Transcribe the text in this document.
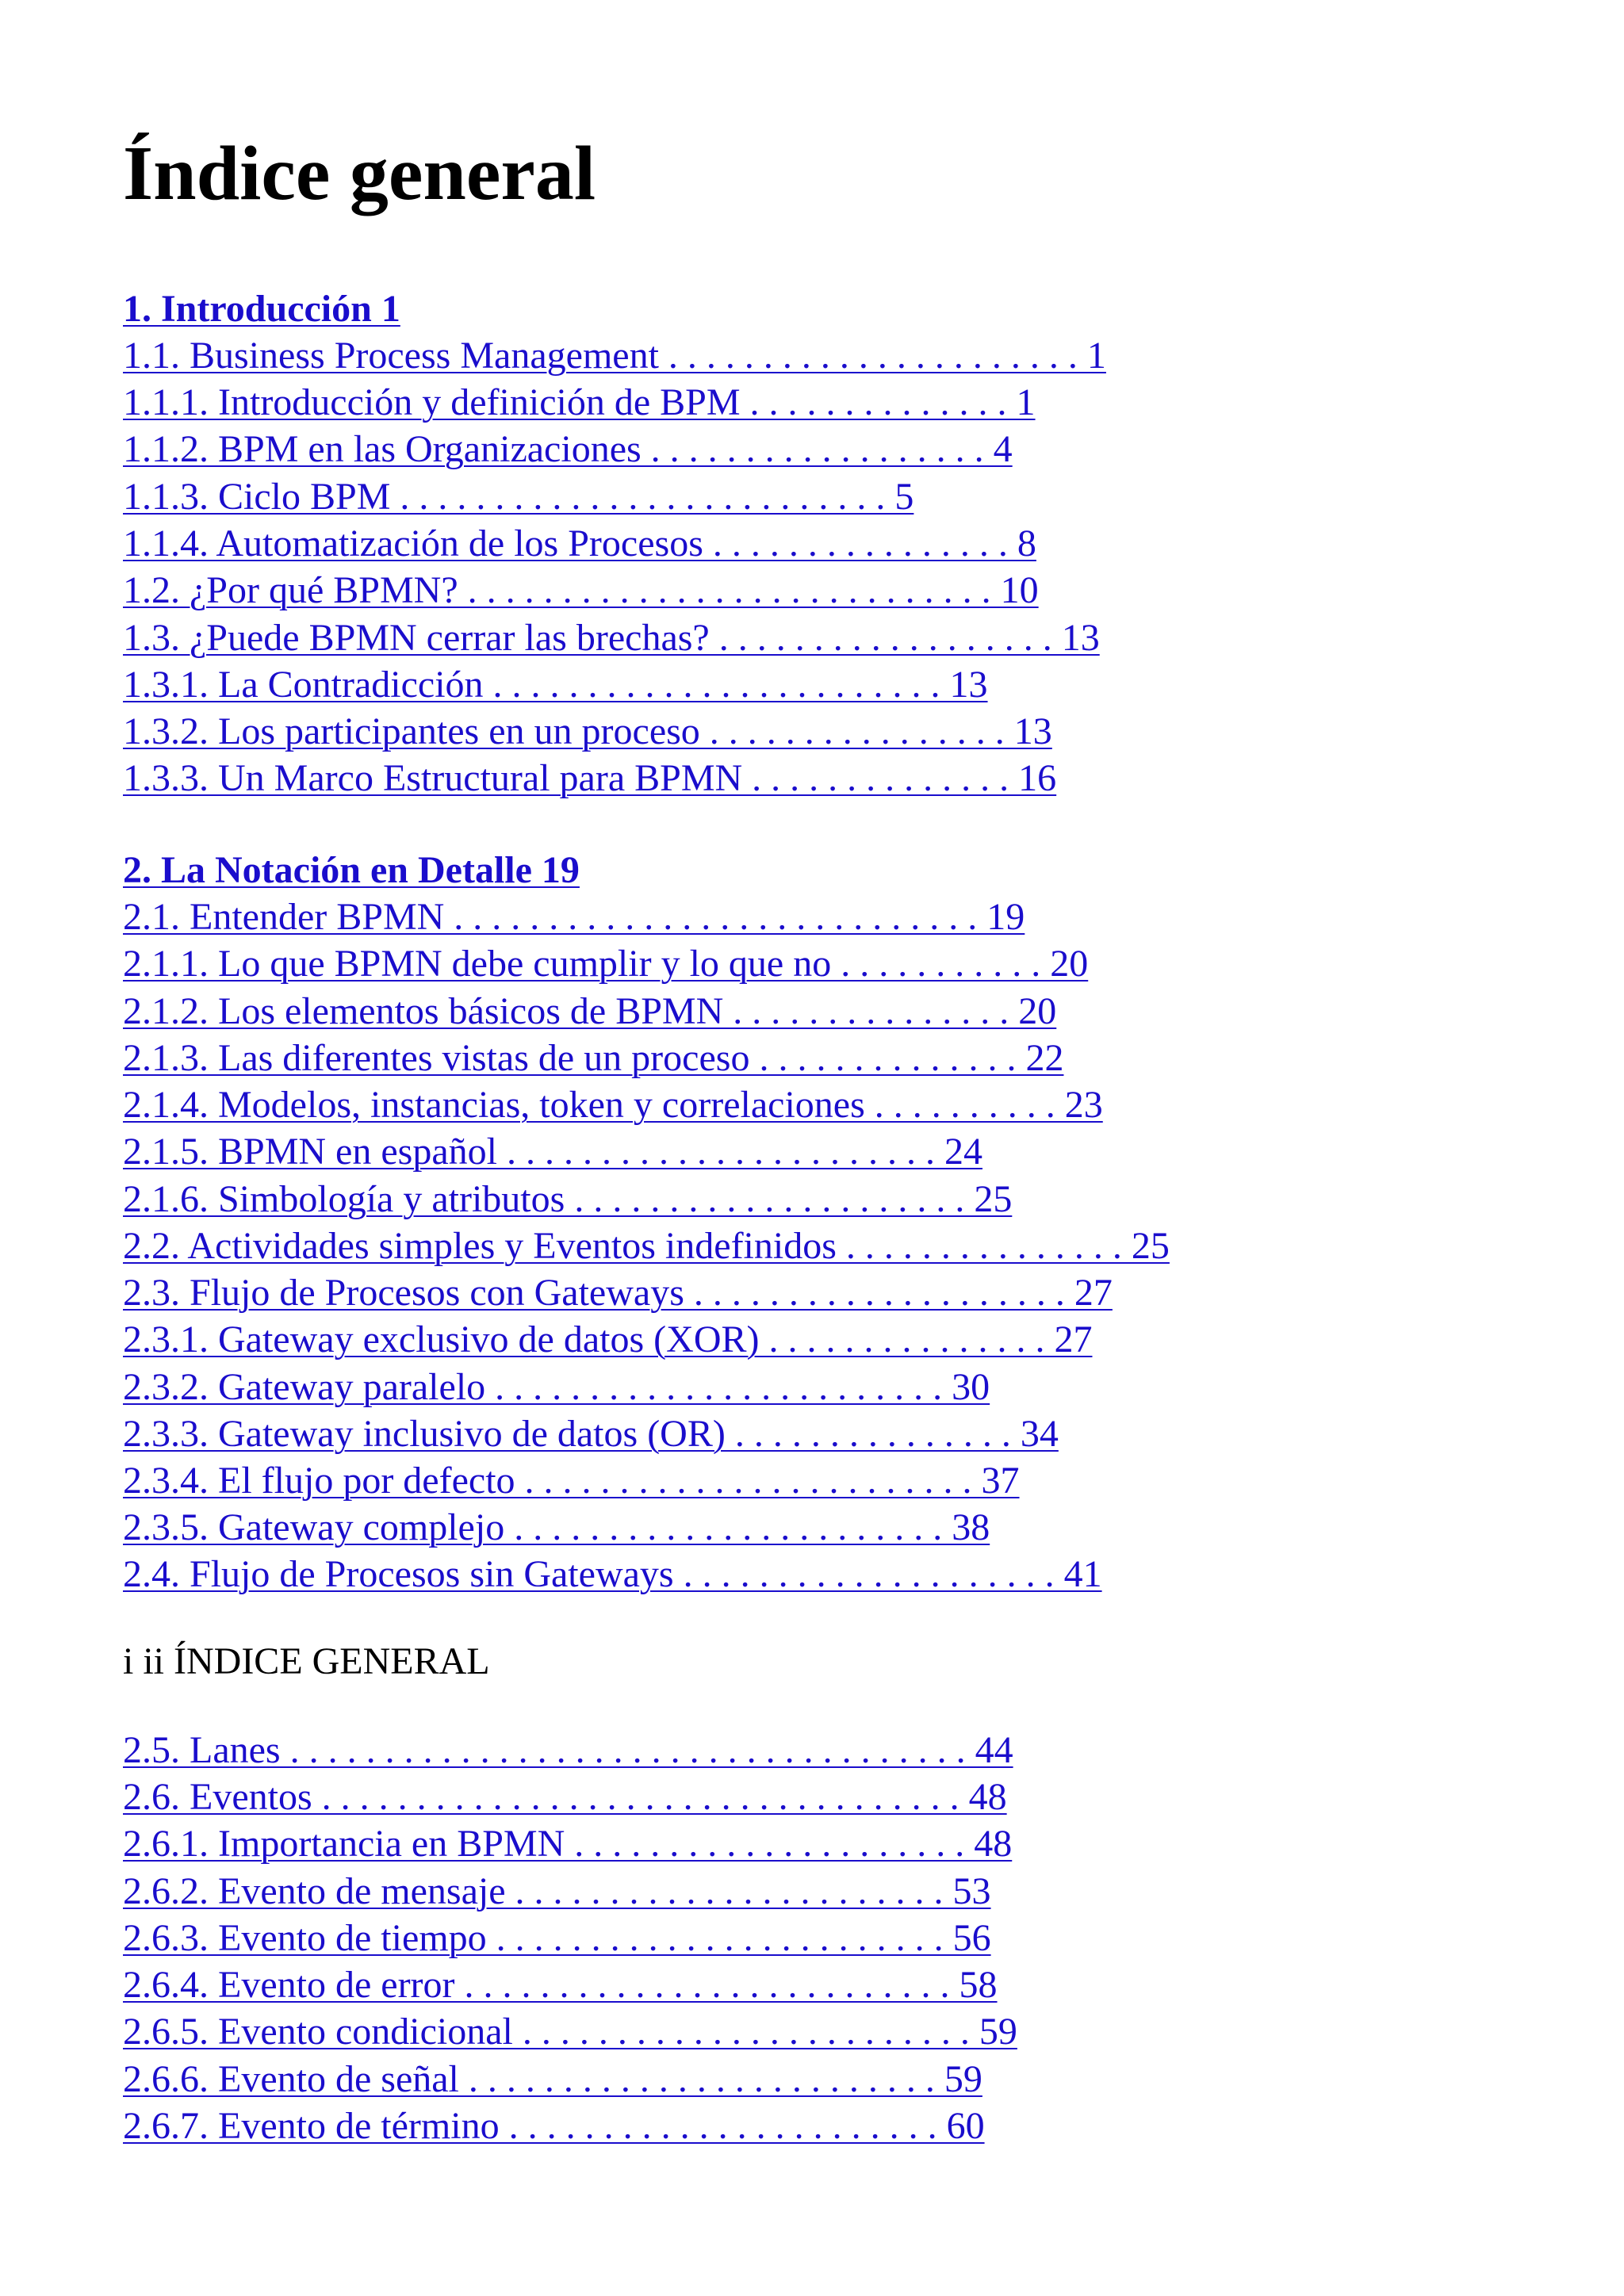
Índice general
1. Introducción 1
1.1. Business Process Management . . . . . . . . . . . . . . . . . . . . . . 1
1.1.1. Introducción y definición de BPM . . . . . . . . . . . . . . 1
1.1.2. BPM en las Organizaciones . . . . . . . . . . . . . . . . . . 4
1.1.3. Ciclo BPM . . . . . . . . . . . . . . . . . . . . . . . . . . 5
1.1.4. Automatización de los Procesos . . . . . . . . . . . . . . . . 8
1.2. ¿Por qué BPMN? . . . . . . . . . . . . . . . . . . . . . . . . . . . . 10
1.3. ¿Puede BPMN cerrar las brechas? . . . . . . . . . . . . . . . . . . 13
1.3.1. La Contradicción . . . . . . . . . . . . . . . . . . . . . . . . 13
1.3.2. Los participantes en un proceso . . . . . . . . . . . . . . . . 13
1.3.3. Un Marco Estructural para BPMN . . . . . . . . . . . . . . 16
2. La Notación en Detalle 19
2.1. Entender BPMN . . . . . . . . . . . . . . . . . . . . . . . . . . . . 19
2.1.1. Lo que BPMN debe cumplir y lo que no . . . . . . . . . . . 20
2.1.2. Los elementos básicos de BPMN . . . . . . . . . . . . . . . 20
2.1.3. Las diferentes vistas de un proceso . . . . . . . . . . . . . . 22
2.1.4. Modelos, instancias, token y correlaciones . . . . . . . . . . 23
2.1.5. BPMN en español . . . . . . . . . . . . . . . . . . . . . . . 24
2.1.6. Simbología y atributos . . . . . . . . . . . . . . . . . . . . . 25
2.2. Actividades simples y Eventos indefinidos . . . . . . . . . . . . . . . 25
2.3. Flujo de Procesos con Gateways . . . . . . . . . . . . . . . . . . . . 27
2.3.1. Gateway exclusivo de datos (XOR) . . . . . . . . . . . . . . . 27
2.3.2. Gateway paralelo . . . . . . . . . . . . . . . . . . . . . . . . 30
2.3.3. Gateway inclusivo de datos (OR) . . . . . . . . . . . . . . . 34
2.3.4. El flujo por defecto . . . . . . . . . . . . . . . . . . . . . . . . 37
2.3.5. Gateway complejo . . . . . . . . . . . . . . . . . . . . . . . 38
2.4. Flujo de Procesos sin Gateways . . . . . . . . . . . . . . . . . . . . 41
i ii ÍNDICE GENERAL
2.5. Lanes . . . . . . . . . . . . . . . . . . . . . . . . . . . . . . . . . . . . 44
2.6. Eventos . . . . . . . . . . . . . . . . . . . . . . . . . . . . . . . . . . 48
2.6.1. Importancia en BPMN . . . . . . . . . . . . . . . . . . . . . 48
2.6.2. Evento de mensaje . . . . . . . . . . . . . . . . . . . . . . . 53
2.6.3. Evento de tiempo . . . . . . . . . . . . . . . . . . . . . . . . 56
2.6.4. Evento de error . . . . . . . . . . . . . . . . . . . . . . . . . . 58
2.6.5. Evento condicional . . . . . . . . . . . . . . . . . . . . . . . . 59
2.6.6. Evento de señal . . . . . . . . . . . . . . . . . . . . . . . . . 59
2.6.7. Evento de término . . . . . . . . . . . . . . . . . . . . . . . 60
